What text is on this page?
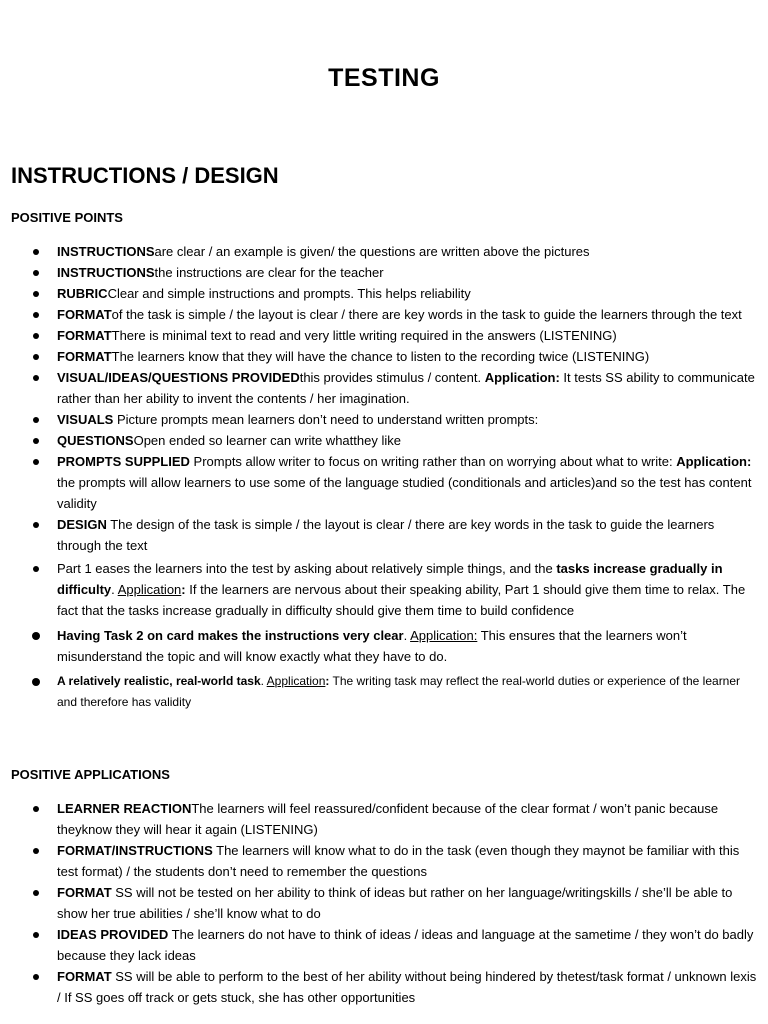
TESTING
INSTRUCTIONS / DESIGN
POSITIVE POINTS
INSTRUCTIONSare clear / an example is given/ the questions are written above the pictures
INSTRUCTIONSthe instructions are clear for the teacher
RUBRICClear and simple instructions and prompts. This helps reliability
FORMATof the task is simple / the layout is clear / there are key words in the task to guide the learners through the text
FORMATThere is minimal text to read and very little writing required in the answers (LISTENING)
FORMATThe learners know that they will have the chance to listen to the recording twice (LISTENING)
VISUAL/IDEAS/QUESTIONS PROVIDEDthis provides stimulus / content. Application: It tests SS ability to communicate rather than her ability to invent the contents / her imagination.
VISUALS Picture prompts mean learners don’t need to understand written prompts:
QUESTIONSOpen ended so learner can write whatthey like
PROMPTS SUPPLIED Prompts allow writer to focus on writing rather than on worrying about what to write: Application: the prompts will allow learners to use some of the language studied (conditionals and articles)and so the test has content validity
DESIGN The design of the task is simple / the layout is clear / there are key words in the task to guide the learners through the text
Part 1 eases the learners into the test by asking about relatively simple things, and the tasks increase gradually in difficulty. Application: If the learners are nervous about their speaking ability, Part 1 should give them time to relax. The fact that the tasks increase gradually in difficulty should give them time to build confidence
Having Task 2 on card makes the instructions very clear. Application: This ensures that the learners won’t misunderstand the topic and will know exactly what they have to do.
A relatively realistic, real-world task. Application: The writing task may reflect the real-world duties or experience of the learner and therefore has validity
POSITIVE APPLICATIONS
LEARNER REACTIONThe learners will feel reassured/confident because of the clear format / won’t panic because theyknow they will hear it again (LISTENING)
FORMAT/INSTRUCTIONS The learners will know what to do in the task (even though they maynot be familiar with this test format) / the students don’t need to remember the questions
FORMAT SS will not be tested on her ability to think of ideas but rather on her language/writingskills / she’ll be able to show her true abilities / she’ll know what to do
IDEAS PROVIDED The learners do not have to think of ideas / ideas and language at the sametime / they won’t do badly because they lack ideas
FORMAT SS will be able to perform to the best of her ability without being hindered by thetest/task format / unknown lexis / If SS goes off track or gets stuck, she has other opportunities
